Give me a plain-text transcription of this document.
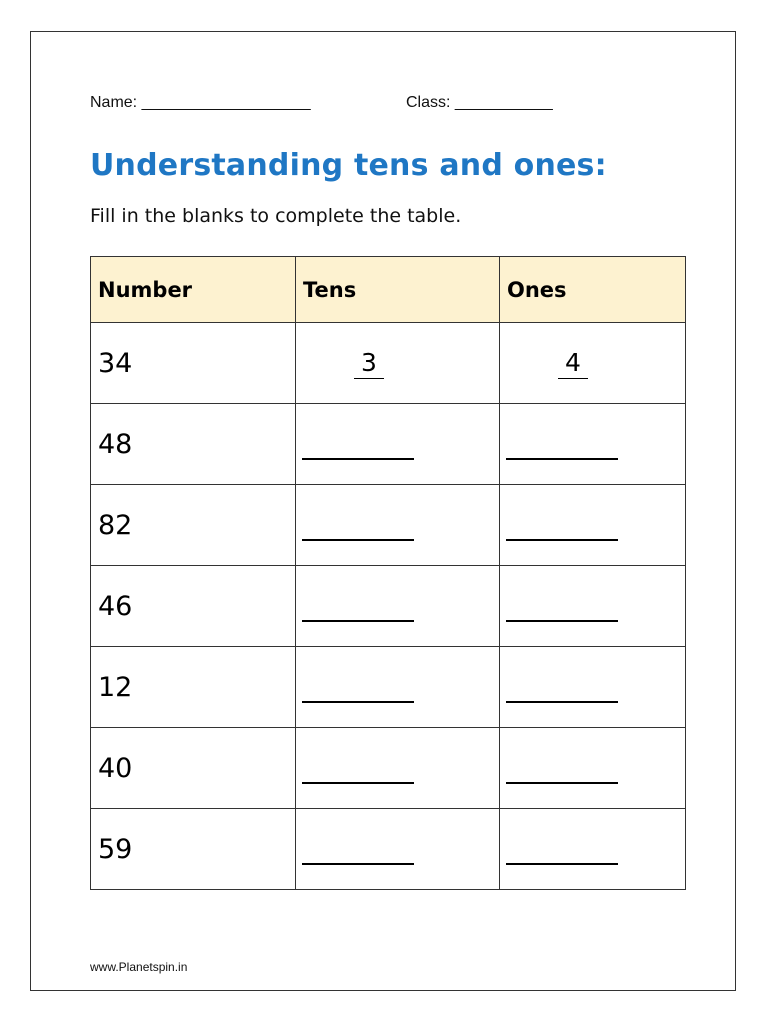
Name: ___________________	Class: ___________
Understanding tens and ones:

Fill in the blanks to complete the table.

Number	Tens	Ones
34	3	4
48	

82	

46	

12	

40	

59	

www.Planetspin.in
